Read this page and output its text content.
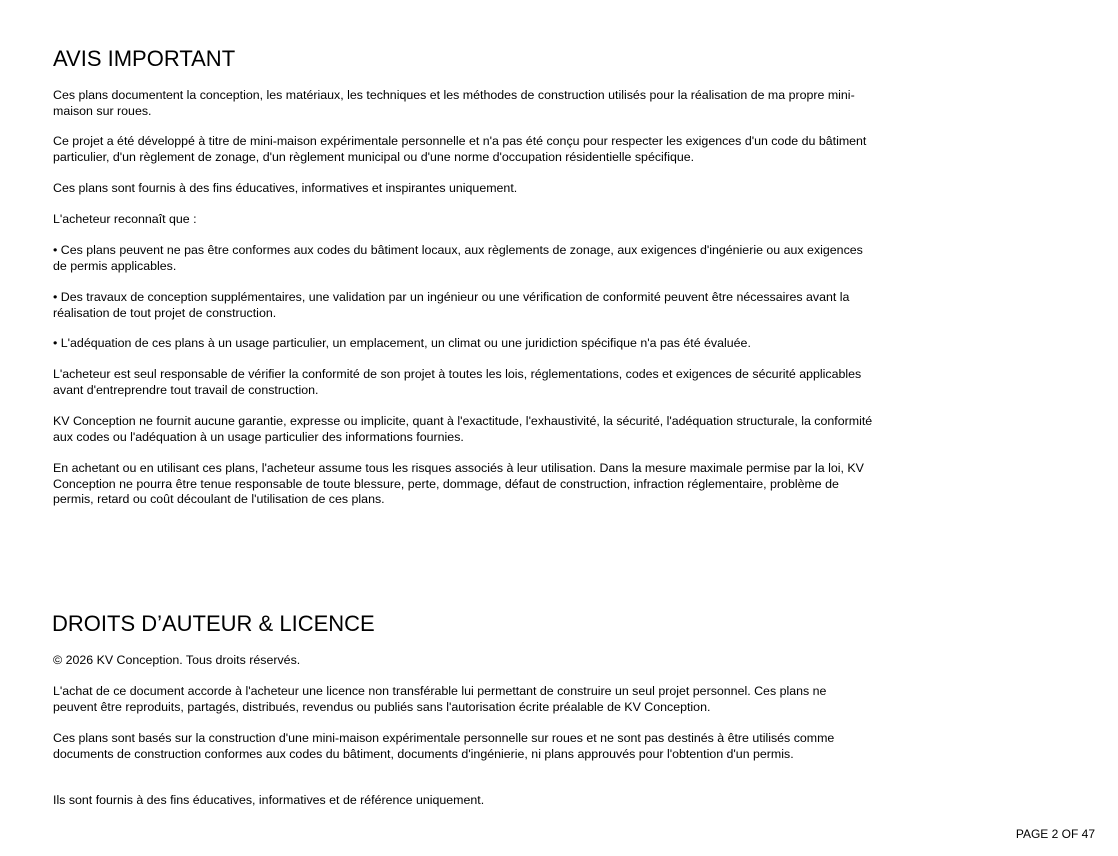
AVIS IMPORTANT

Ces plans documentent la conception, les matériaux, les techniques et les méthodes de construction utilisés pour la réalisation de ma propre mini-maison sur roues.

Ce projet a été développé à titre de mini-maison expérimentale personnelle et n'a pas été conçu pour respecter les exigences d'un code du bâtiment particulier, d'un règlement de zonage, d'un règlement municipal ou d'une norme d'occupation résidentielle spécifique.

Ces plans sont fournis à des fins éducatives, informatives et inspirantes uniquement.

L'acheteur reconnaît que :

• Ces plans peuvent ne pas être conformes aux codes du bâtiment locaux, aux règlements de zonage, aux exigences d'ingénierie ou aux exigences de permis applicables.

• Des travaux de conception supplémentaires, une validation par un ingénieur ou une vérification de conformité peuvent être nécessaires avant la réalisation de tout projet de construction.

• L'adéquation de ces plans à un usage particulier, un emplacement, un climat ou une juridiction spécifique n'a pas été évaluée.

L'acheteur est seul responsable de vérifier la conformité de son projet à toutes les lois, réglementations, codes et exigences de sécurité applicables avant d'entreprendre tout travail de construction.

KV Conception ne fournit aucune garantie, expresse ou implicite, quant à l'exactitude, l'exhaustivité, la sécurité, l'adéquation structurale, la conformité aux codes ou l'adéquation à un usage particulier des informations fournies.

En achetant ou en utilisant ces plans, l'acheteur assume tous les risques associés à leur utilisation. Dans la mesure maximale permise par la loi, KV Conception ne pourra être tenue responsable de toute blessure, perte, dommage, défaut de construction, infraction réglementaire, problème de permis, retard ou coût découlant de l'utilisation de ces plans.

DROITS D’AUTEUR & LICENCE

© 2026 KV Conception. Tous droits réservés.

L'achat de ce document accorde à l'acheteur une licence non transférable lui permettant de construire un seul projet personnel. Ces plans ne peuvent être reproduits, partagés, distribués, revendus ou publiés sans l'autorisation écrite préalable de KV Conception.

Ces plans sont basés sur la construction d'une mini-maison expérimentale personnelle sur roues et ne sont pas destinés à être utilisés comme documents de construction conformes aux codes du bâtiment, documents d'ingénierie, ni plans approuvés pour l'obtention d'un permis.

Ils sont fournis à des fins éducatives, informatives et de référence uniquement.

PAGE 2 OF 47
